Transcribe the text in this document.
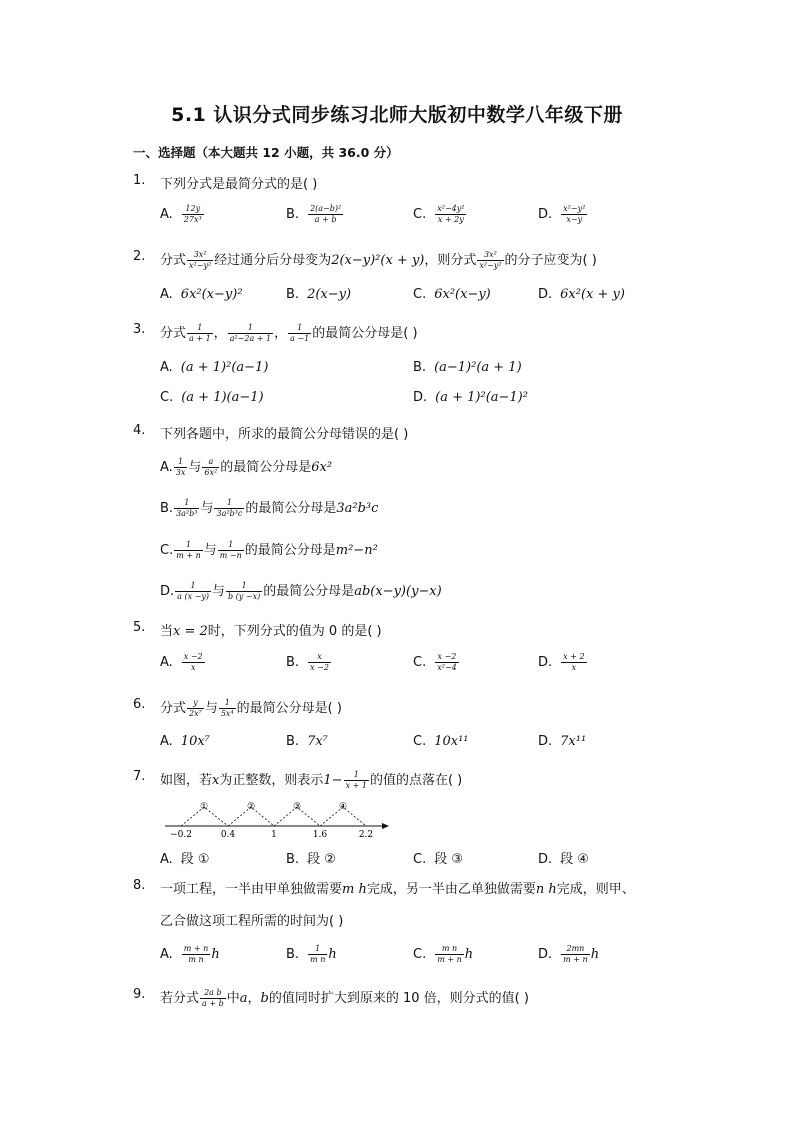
5.1 认识分式同步练习北师大版初中数学八年级下册
一、选择题（本大题共 12 小题，共 36.0 分）
1.	下列分式是最简分式的是( )
A. $\frac{12y}{\text{27x³}}$	B. $\frac{\text{2(a−b)²}}{a + b}$	C. $\frac{\text{x²−4y²}}{x + 2y}$	D. $\frac{\text{x²−y²}}{x-y}$
2.	分式 $\frac{\text{3x²}}{\text{x²−y²}}$ 经过通分后分母变为2(x−y)²(x + y)，则分式 $\frac{\text{3x²}}{\text{x²−y²}}$ 的分子应变为( )
A. 6x²(x−y)²	B. 2(x−y)	C. 6x²(x−y)	D. 6x²(x + y)
3.	分式 $\frac{1}{a + 1}$ ， $\frac{1}{\text{a²−2a + 1}}$ ， $\frac{1}{a -1}$ 的最简公分母是( )
A. (a + 1)²(a−1)	B. (a−1)²(a + 1)
C. (a + 1)(a−1)	D. (a + 1)²(a−1)²
4.	下列各题中，所求的最简公分母错误的是( )
A. $\frac{1}{3x}$ 与 $\frac{a}{\text{6x²}}$ 的最简公分母是6x²
B. $\frac{1}{\text{3a²b³}}$ 与 $\frac{1}{\text{3a²b³c}}$ 的最简公分母是3a²b³c
C. $\frac{1}{m + n}$ 与 $\frac{1}{m -n}$ 的最简公分母是m²−n²
D. $\frac{1}{a (x -y)}$ 与 $\frac{1}{b (y -x)}$ 的最简公分母是ab(x−y)(y−x)
5.	当x = 2时，下列分式的值为 0 的是( )
A. $\frac{x -2}{x}$	B. $\frac{x}{x -2}$	C. $\frac{x -2}{\text{x²−4}}$	D. $\frac{x + 2}{x}$
6.	分式 $\frac{y}{\text{2x⁷}}$ 与 $\frac{1}{\text{5x⁴}}$ 的最简公分母是( )
A. 10x⁷	B. 7x⁷	C. 10x¹¹	D. 7x¹¹
7.	如图，若x为正整数，则表示$1- \frac{1}{x + 1}$ 的值的点落在( )
①	②	③	④
−0.2	0.4	1	1.6	2.2
A. 段 ①	B. 段 ②	C. 段 ③	D. 段 ④
8.	一项工程，一半由甲单独做需要m h完成，另一半由乙单独做需要n h完成，则甲、
乙合做这项工程所需的时间为( )
A. $\frac{m + n}{\text{m n}}$ h	B. $\frac{1}{\text{m n}}$ h	C. $\frac{\text{m n}}{m + n}$ h	D. $\frac{2mn}{m + n}$ h
9.	若分式 $\frac{\text{2a b}}{a + b}$ 中a，b的值同时扩大到原来的 10 倍，则分式的值( )
